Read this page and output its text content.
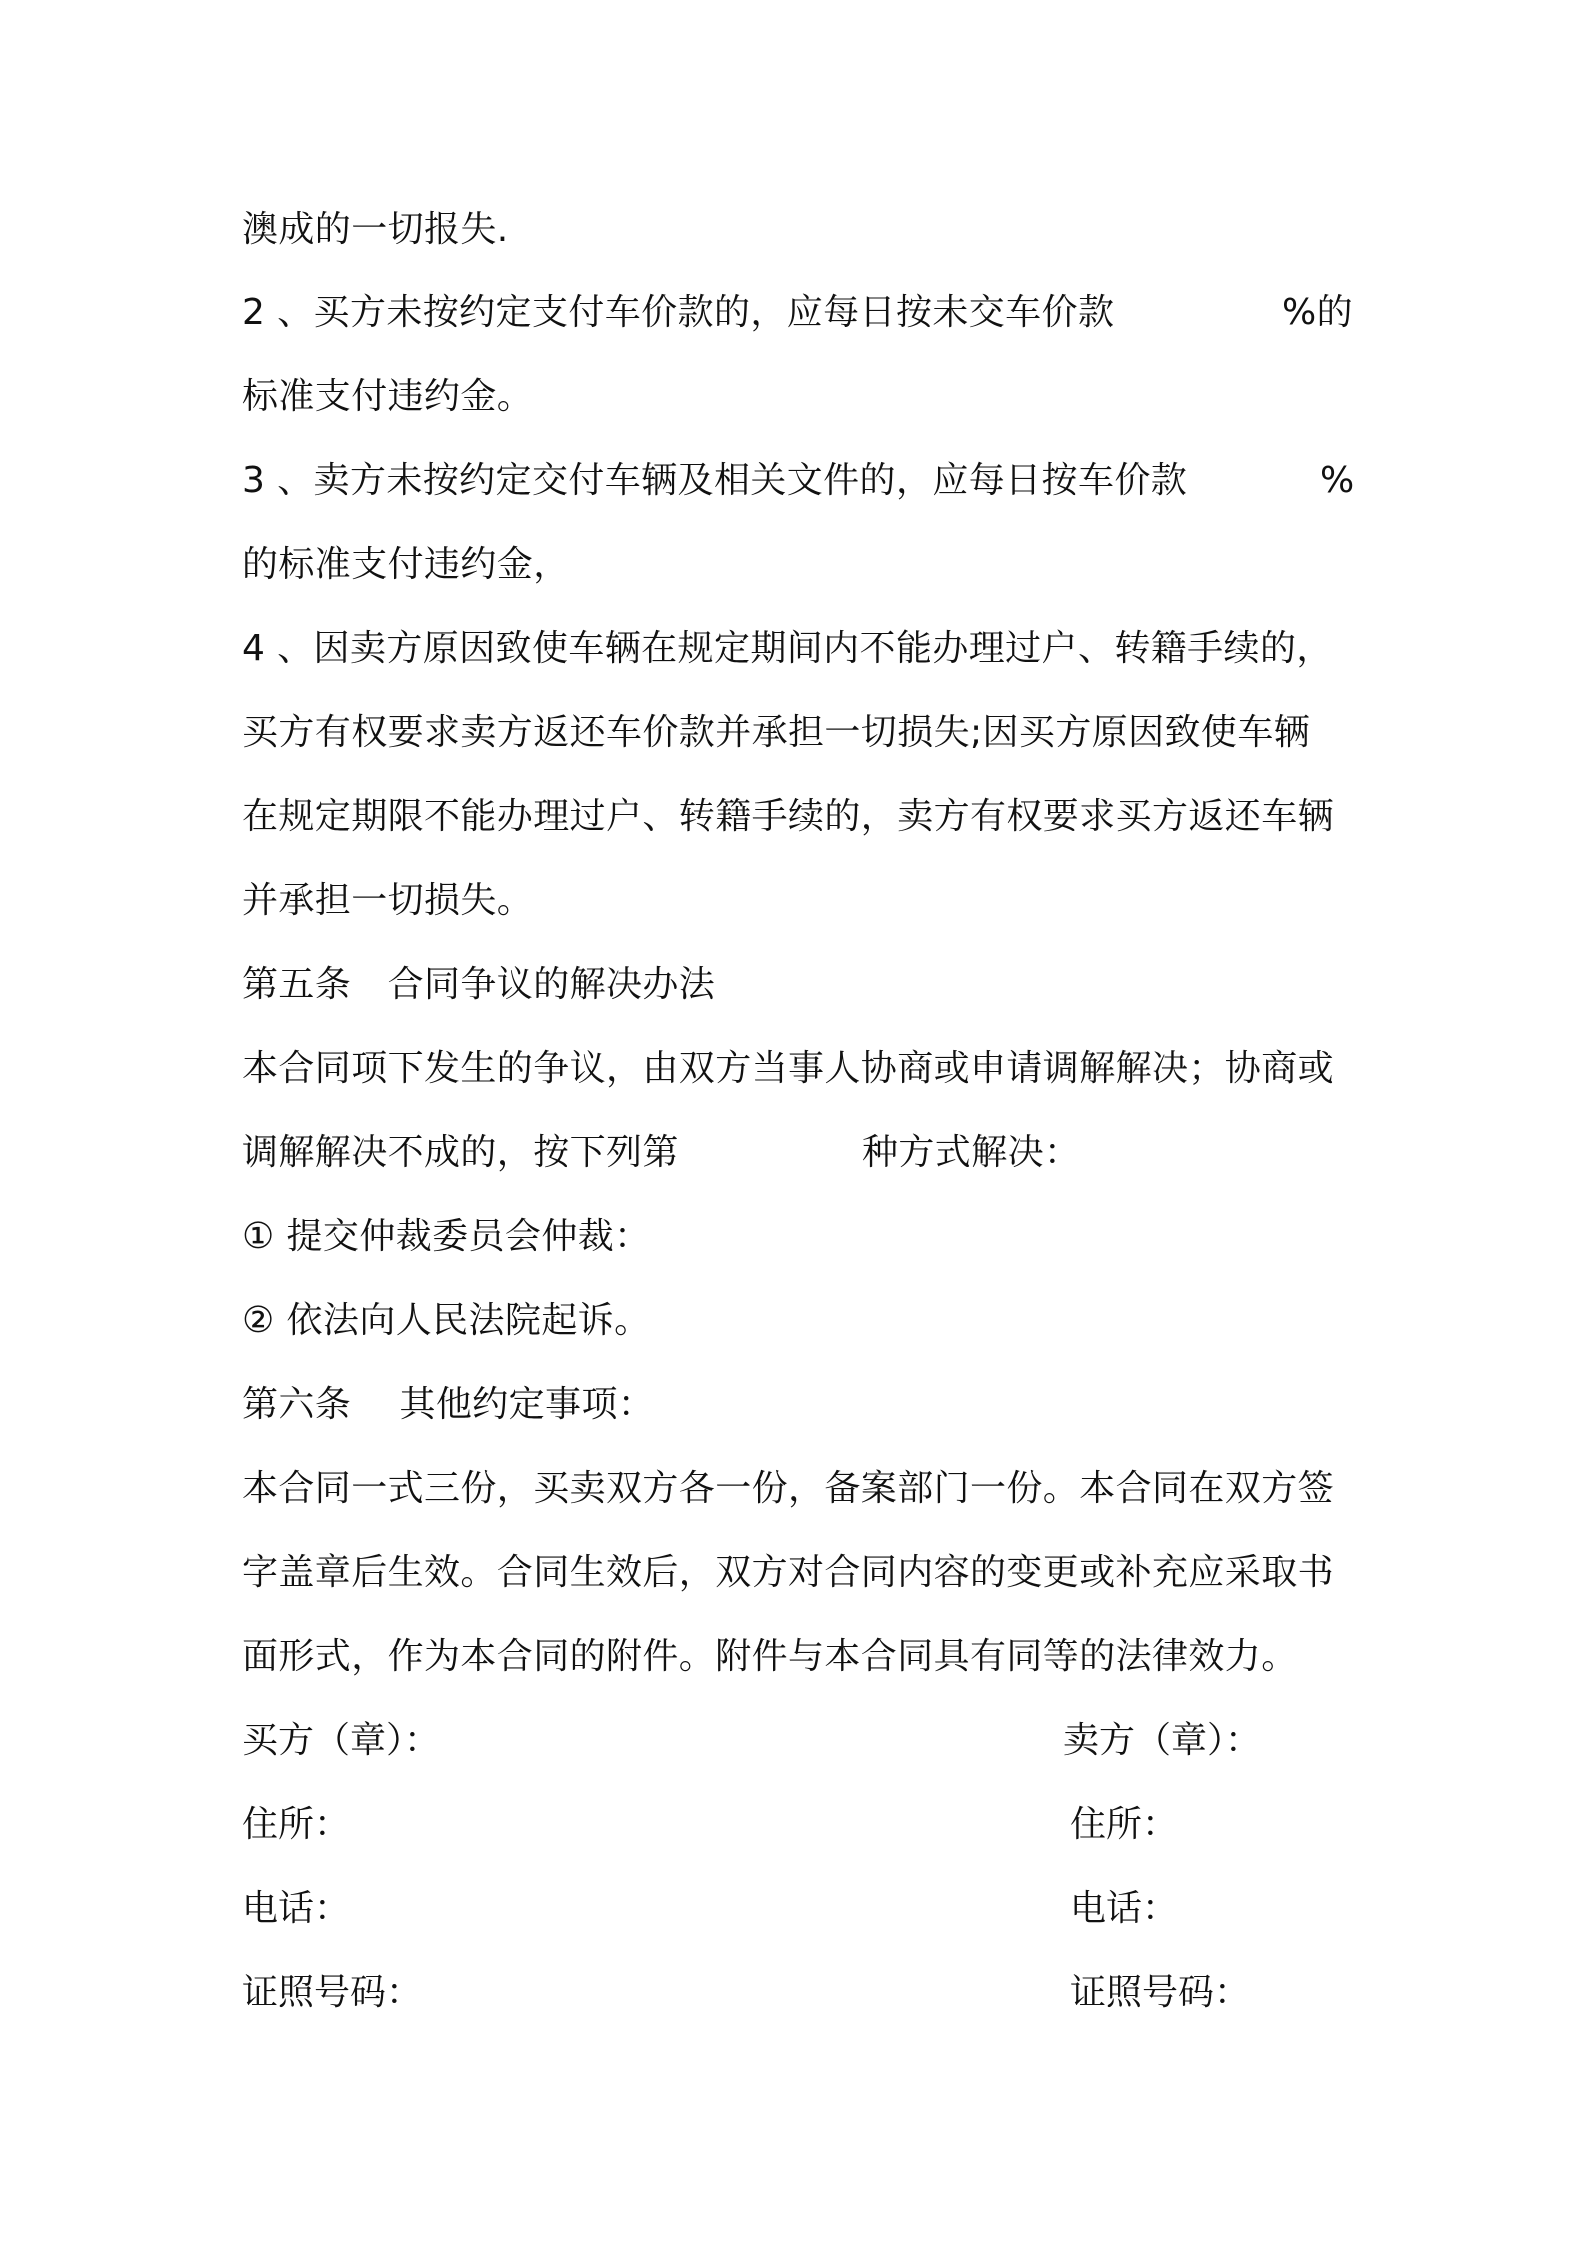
澳成的一切报失.
2 、买方未按约定支付车价款的，应每日按未交车价款	%的
标准支付违约金。
3 、卖方未按约定交付车辆及相关文件的，应每日按车价款	%
的标准支付违约金，
4 、因卖方原因致使车辆在规定期间内不能办理过户、转籍手续的，
买方有权要求卖方返还车价款并承担一切损失;因买方原因致使车辆
在规定期限不能办理过户、转籍手续的，卖方有权要求买方返还车辆
并承担一切损失。
第五条　合同争议的解决办法
本合同项下发生的争议，由双方当事人协商或申请调解解决；协商或
调解解决不成的，按下列第	种方式解决：
① 提交仲裁委员会仲裁：
② 依法向人民法院起诉。
第六条　 其他约定事项：
本合同一式三份，买卖双方各一份，备案部门一份。本合同在双方签
字盖章后生效。合同生效后，双方对合同内容的变更或补充应采取书
面形式，作为本合同的附件。附件与本合同具有同等的法律效力。
买方（章）：	卖方（章）：
住所：	住所：
电话：	电话：
证照号码：	证照号码：
